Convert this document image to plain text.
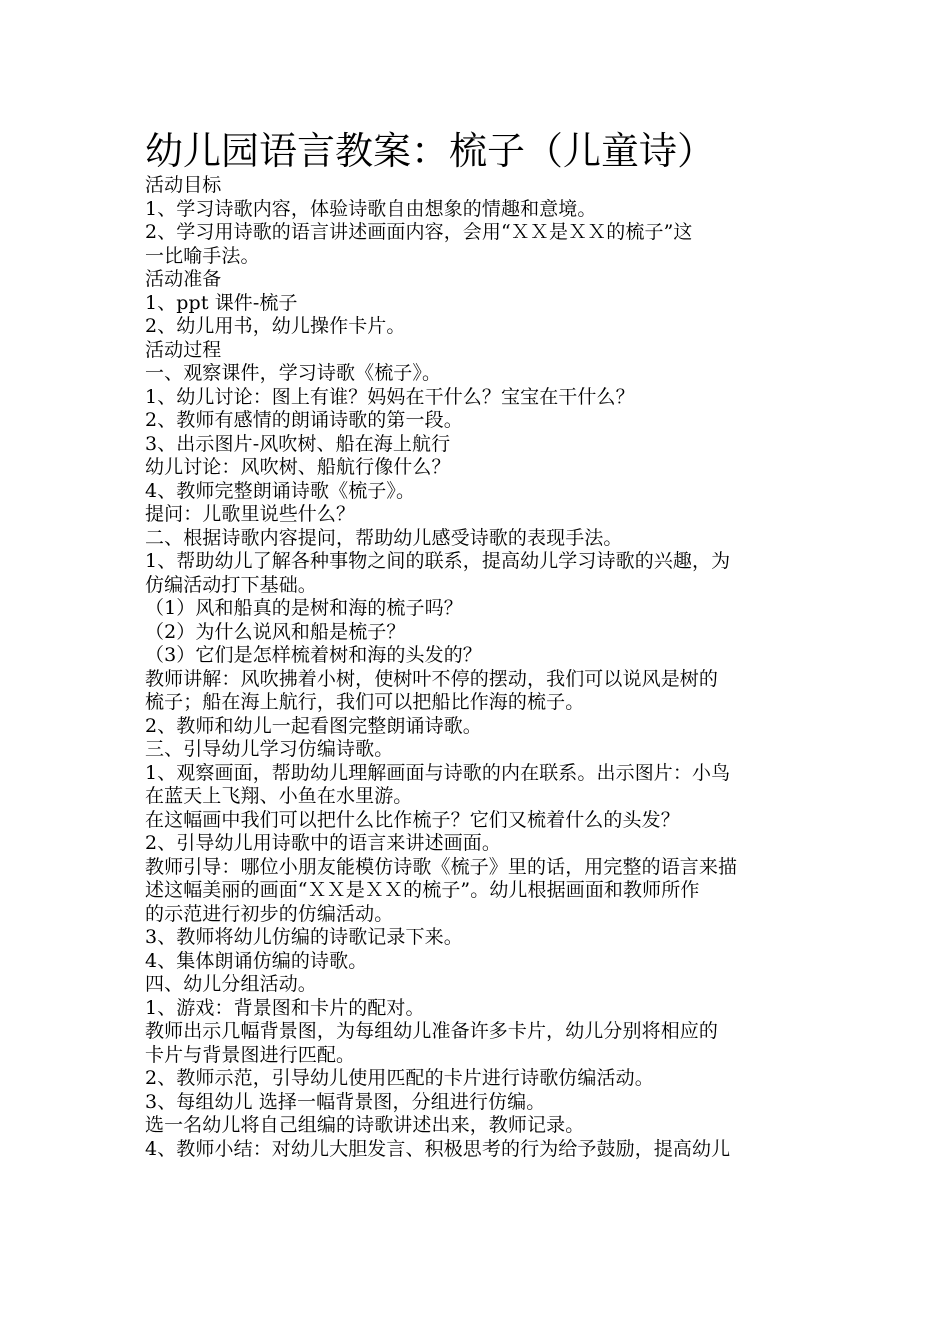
幼儿园语言教案：梳子（儿童诗）

活动目标

1、学习诗歌内容，体验诗歌自由想象的情趣和意境。

2、学习用诗歌的语言讲述画面内容，会用“ＸＸ是ＸＸ的梳子”这

一比喻手法。

活动准备

1、ppt 课件-梳子

2、幼儿用书，幼儿操作卡片。

活动过程

一、观察课件，学习诗歌《梳子》。

1、幼儿讨论：图上有谁？妈妈在干什么？宝宝在干什么？

2、教师有感情的朗诵诗歌的第一段。

3、出示图片-风吹树、船在海上航行

幼儿讨论：风吹树、船航行像什么？

4、教师完整朗诵诗歌《梳子》。

提问：儿歌里说些什么？

二、根据诗歌内容提问，帮助幼儿感受诗歌的表现手法。

1、帮助幼儿了解各种事物之间的联系，提高幼儿学习诗歌的兴趣，为

仿编活动打下基础。

（1）风和船真的是树和海的梳子吗？

（2）为什么说风和船是梳子？

（3）它们是怎样梳着树和海的头发的？

教师讲解：风吹拂着小树，使树叶不停的摆动，我们可以说风是树的

梳子；船在海上航行，我们可以把船比作海的梳子。

2、教师和幼儿一起看图完整朗诵诗歌。

三、引导幼儿学习仿编诗歌。

1、观察画面，帮助幼儿理解画面与诗歌的内在联系。出示图片：小鸟

在蓝天上飞翔、小鱼在水里游。

在这幅画中我们可以把什么比作梳子？它们又梳着什么的头发？

2、引导幼儿用诗歌中的语言来讲述画面。

教师引导：哪位小朋友能模仿诗歌《梳子》里的话，用完整的语言来描

述这幅美丽的画面“ＸＸ是ＸＸ的梳子”。幼儿根据画面和教师所作

的示范进行初步的仿编活动。

3、教师将幼儿仿编的诗歌记录下来。

4、集体朗诵仿编的诗歌。

四、幼儿分组活动。

1、游戏：背景图和卡片的配对。

教师出示几幅背景图，为每组幼儿准备许多卡片，幼儿分别将相应的

卡片与背景图进行匹配。

2、教师示范，引导幼儿使用匹配的卡片进行诗歌仿编活动。

3、每组幼儿 选择一幅背景图，分组进行仿编。

选一名幼儿将自己组编的诗歌讲述出来，教师记录。

4、教师小结：对幼儿大胆发言、积极思考的行为给予鼓励，提高幼儿
